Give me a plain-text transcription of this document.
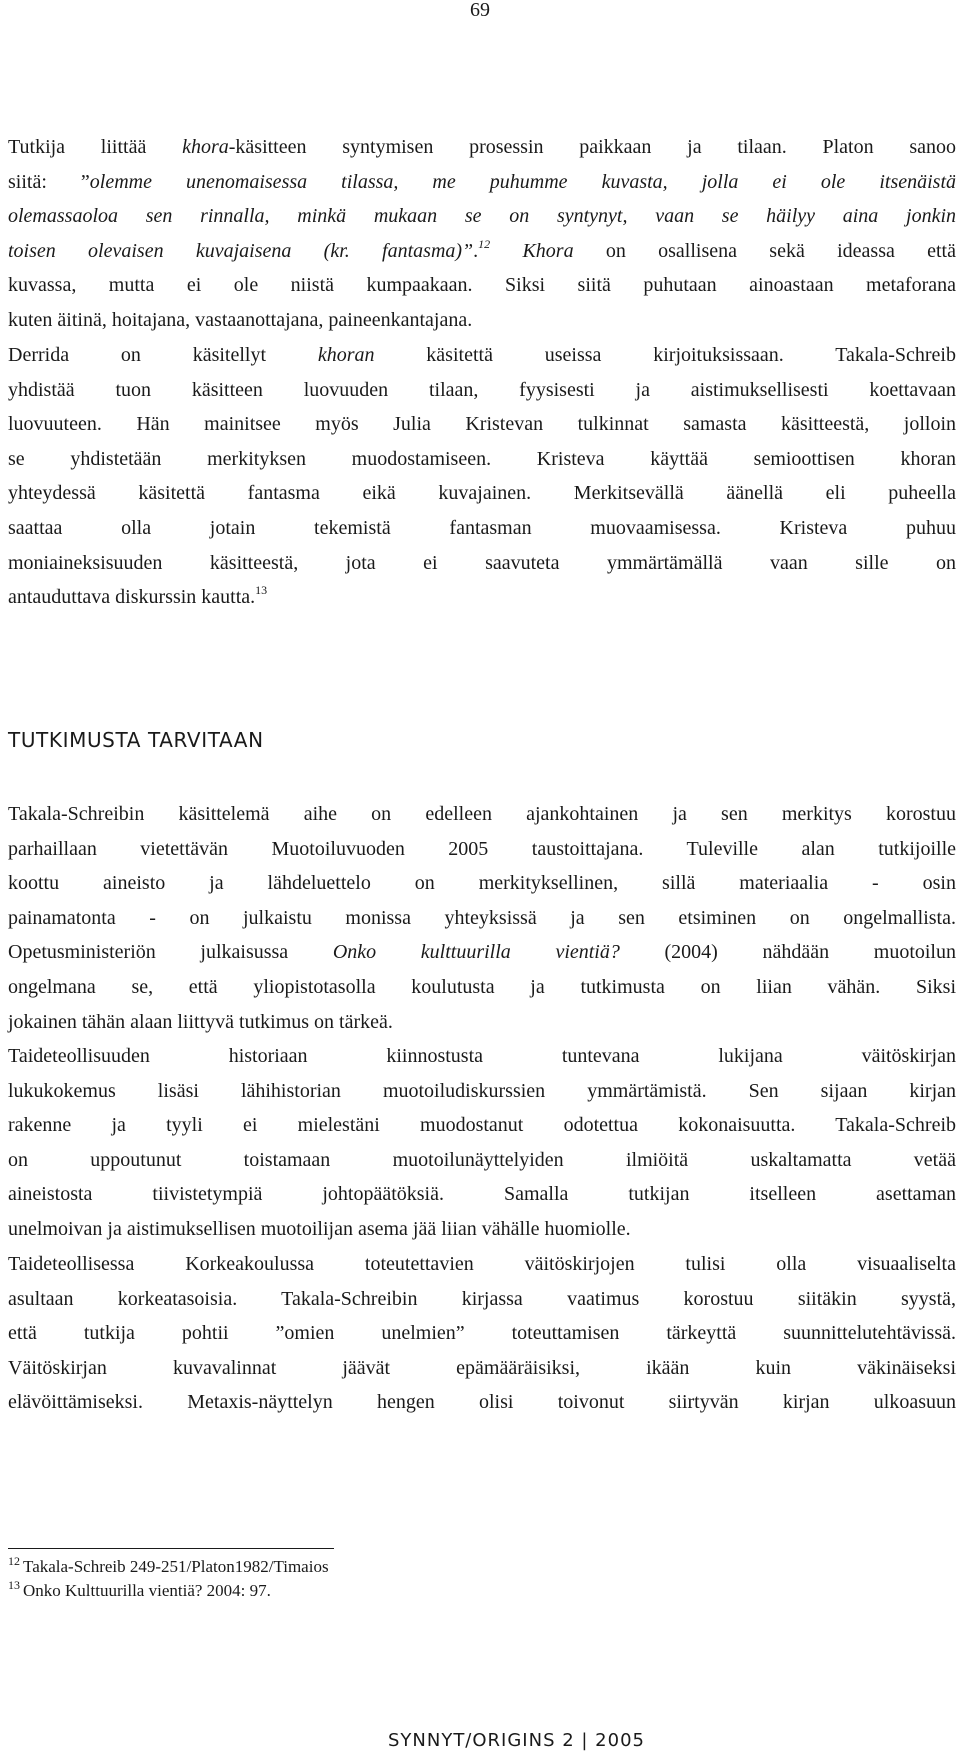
69
Tutkija liittää khora-käsitteen syntymisen prosessin paikkaan ja tilaan. Platon sanoo
siitä: ”olemme unenomaisessa tilassa, me puhumme kuvasta, jolla ei ole itsenäistä
olemassaoloa sen rinnalla, minkä mukaan se on syntynyt, vaan se häilyy aina jonkin
toisen olevaisen kuvajaisena (kr. fantasma)”.$^{12}$ Khora on osallisena sekä ideassa että
kuvassa, mutta ei ole niistä kumpaakaan. Siksi siitä puhutaan ainoastaan metaforana
kuten äitinä, hoitajana, vastaanottajana, paineenkantajana.
Derrida on käsitellyt khoran käsitettä useissa kirjoituksissaan. Takala-Schreib
yhdistää tuon käsitteen luovuuden tilaan, fyysisesti ja aistimuksellisesti koettavaan
luovuuteen. Hän mainitsee myös Julia Kristevan tulkinnat samasta käsitteestä, jolloin
se yhdistetään merkityksen muodostamiseen. Kristeva käyttää semioottisen khoran
yhteydessä käsitettä fantasma eikä kuvajainen. Merkitsevällä äänellä eli puheella
saattaa olla jotain tekemistä fantasman muovaamisessa. Kristeva puhuu
moniaineksisuuden käsitteestä, jota ei saavuteta ymmärtämällä vaan sille on
antauduttava diskurssin kautta.$^{13}$
TUTKIMUSTA TARVITAAN
Takala-Schreibin käsittelemä aihe on edelleen ajankohtainen ja sen merkitys korostuu
parhaillaan vietettävän Muotoiluvuoden 2005 taustoittajana. Tuleville alan tutkijoille
koottu aineisto ja lähdeluettelo on merkityksellinen, sillä materiaalia - osin
painamatonta - on julkaistu monissa yhteyksissä ja sen etsiminen on ongelmallista.
Opetusministeriön julkaisussa Onko kulttuurilla vientiä? (2004) nähdään muotoilun
ongelmana se, että yliopistotasolla koulutusta ja tutkimusta on liian vähän. Siksi
jokainen tähän alaan liittyvä tutkimus on tärkeä.
Taideteollisuuden historiaan kiinnostusta tuntevana lukijana väitöskirjan
lukukokemus lisäsi lähihistorian muotoiludiskurssien ymmärtämistä. Sen sijaan kirjan
rakenne ja tyyli ei mielestäni muodostanut odotettua kokonaisuutta. Takala-Schreib
on uppoutunut toistamaan muotoilunäyttelyiden ilmiöitä uskaltamatta vetää
aineistosta tiivistetympiä johtopäätöksiä. Samalla tutkijan itselleen asettaman
unelmoivan ja aistimuksellisen muotoilijan asema jää liian vähälle huomiolle.
Taideteollisessa Korkeakoulussa toteutettavien väitöskirjojen tulisi olla visuaaliselta
asultaan korkeatasoisia. Takala-Schreibin kirjassa vaatimus korostuu siitäkin syystä,
että tutkija pohtii ”omien unelmien” toteuttamisen tärkeyttä suunnittelutehtävissä.
Väitöskirjan kuvavalinnat jäävät epämääräisiksi, ikään kuin väkinäiseksi
elävöittämiseksi. Metaxis-näyttelyn hengen olisi toivonut siirtyvän kirjan ulkoasuun
$^{12}$ Takala-Schreib 249-251/Platon1982/Timaios
$^{13}$ Onko Kulttuurilla vientiä? 2004: 97.
SYNNYT/ORIGINS 2 | 2005
